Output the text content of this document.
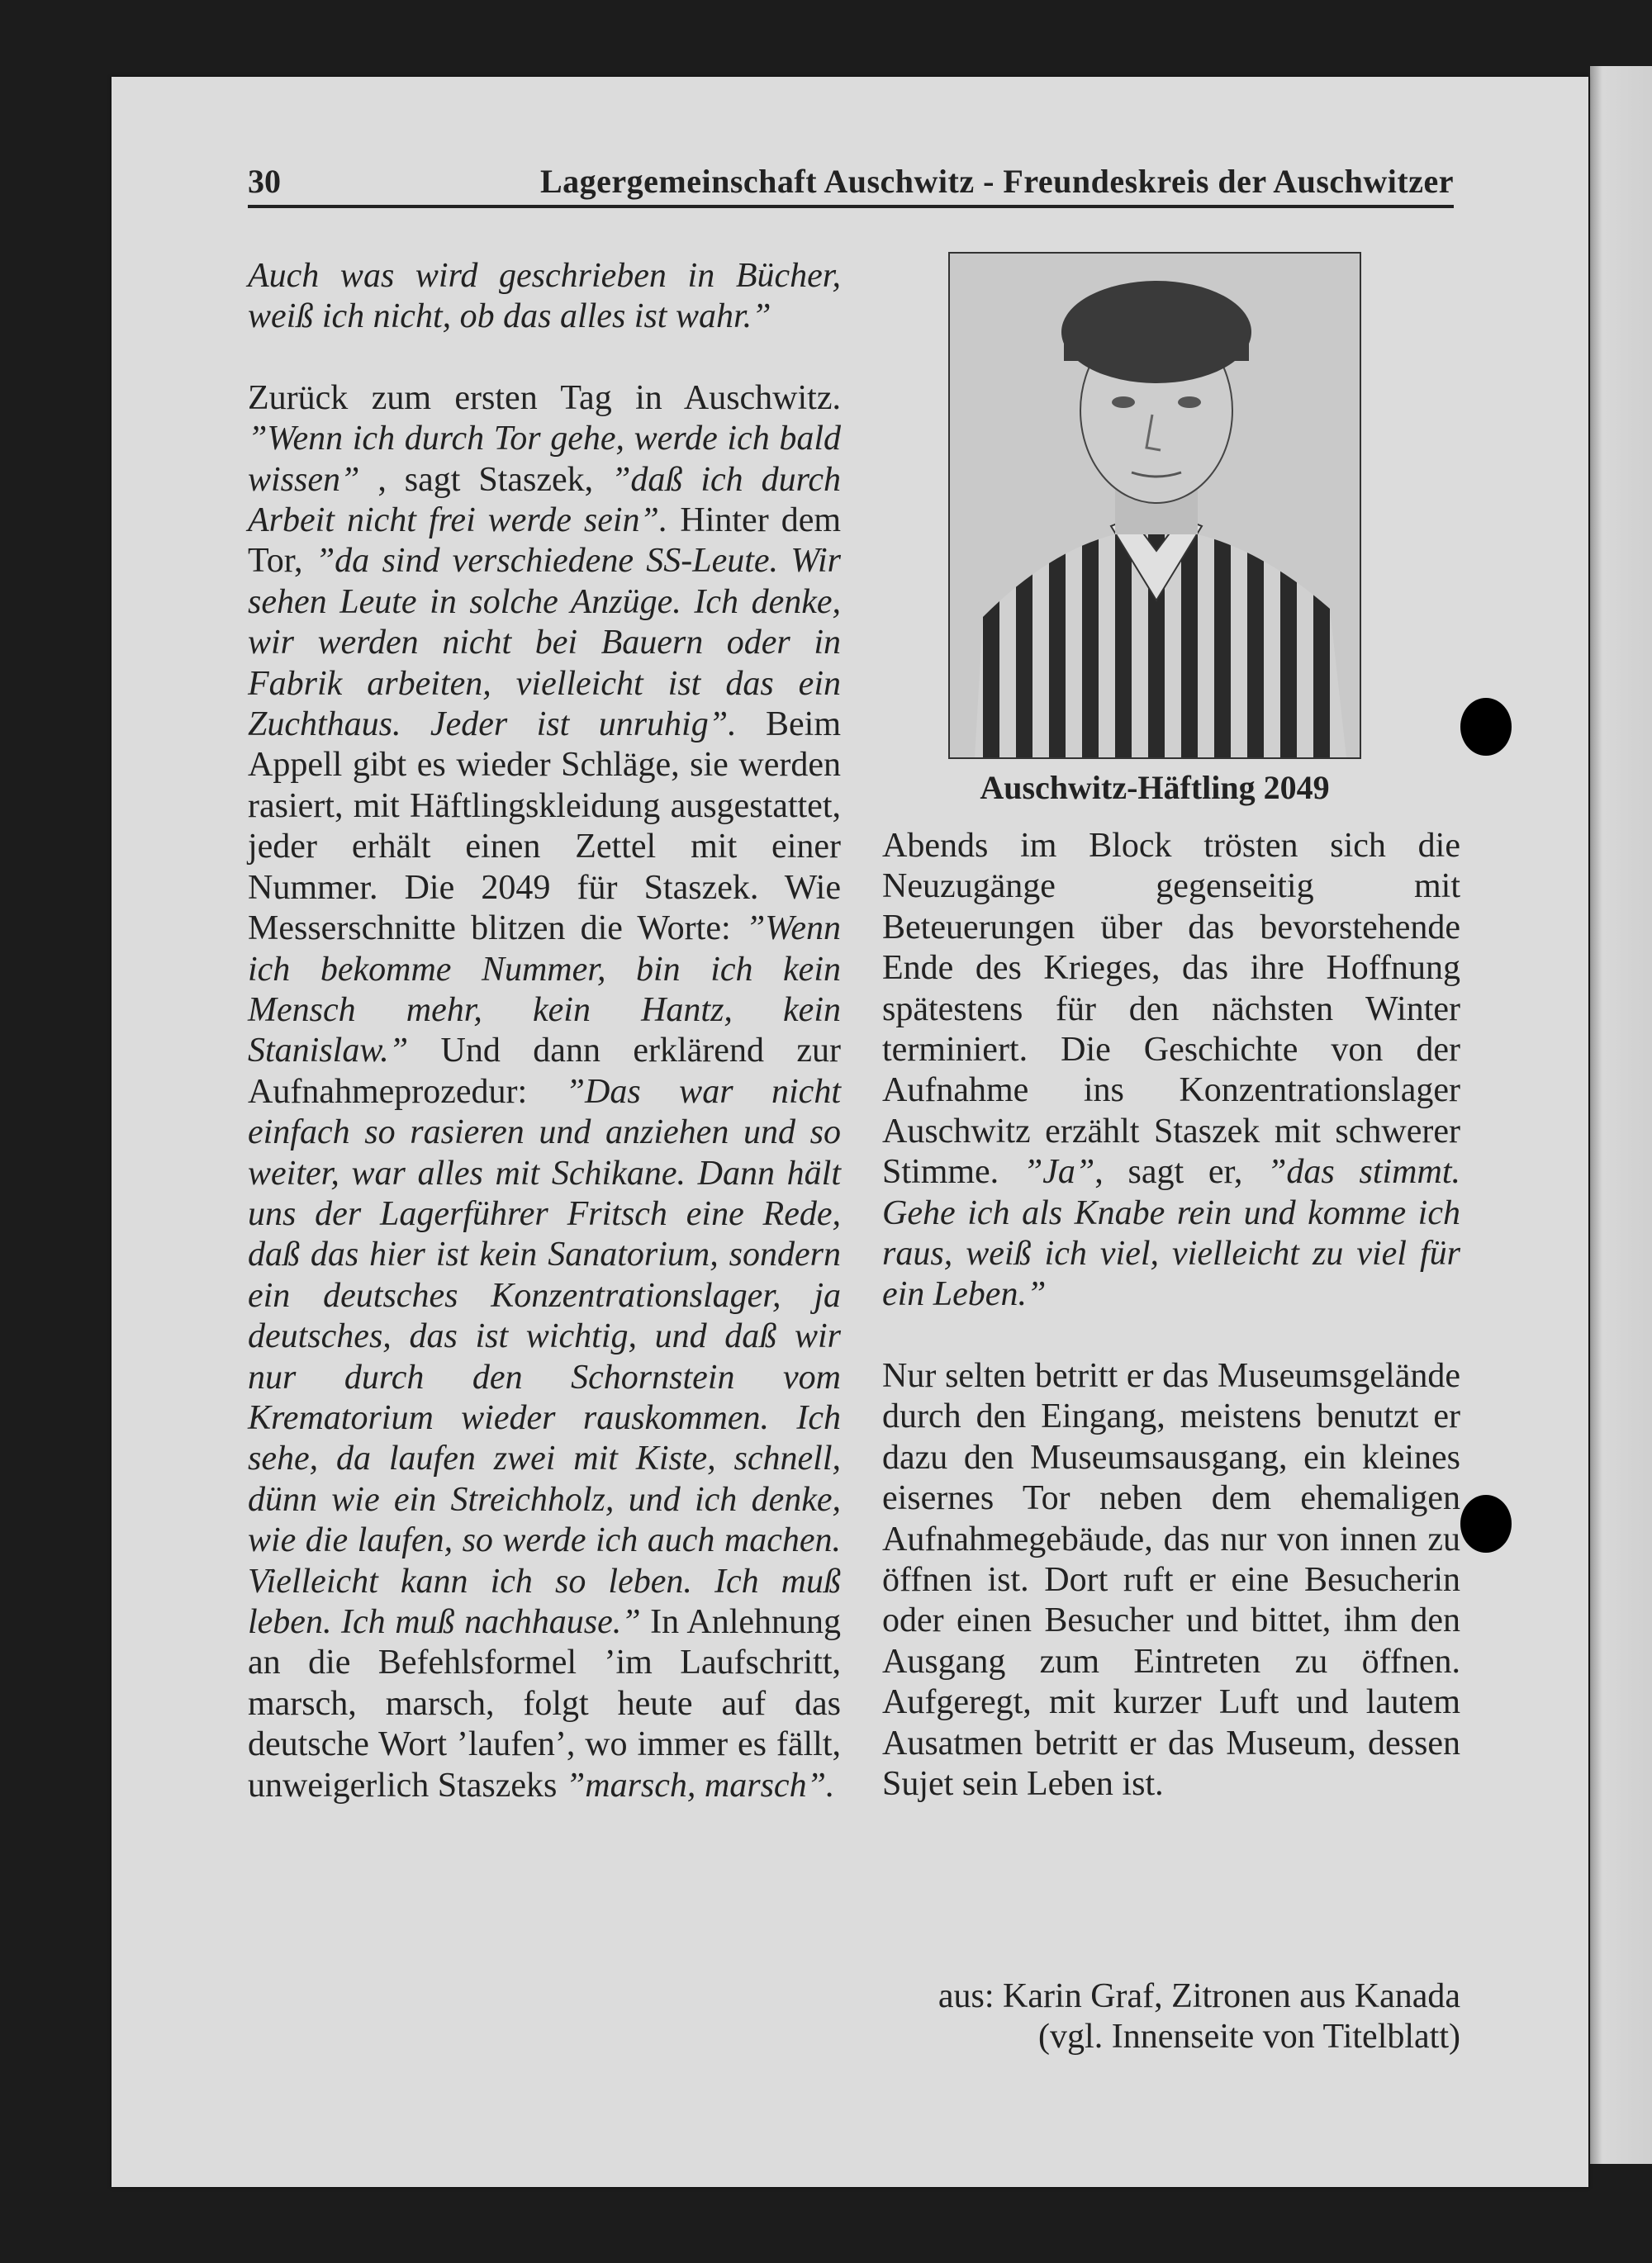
30	Lagergemeinschaft Auschwitz - Freundeskreis der Auschwitzer

Auch was wird geschrieben in Bücher, weiß ich nicht, ob das alles ist wahr.”

Zurück zum ersten Tag in Auschwitz. ”Wenn ich durch Tor gehe, werde ich bald wissen” , sagt Staszek, ”daß ich durch Arbeit nicht frei werde sein”. Hinter dem Tor, ”da sind verschiedene SS-Leute. Wir sehen Leute in solche Anzüge. Ich denke, wir werden nicht bei Bauern oder in Fabrik arbeiten, vielleicht ist das ein Zuchthaus. Jeder ist unruhig”. Beim Appell gibt es wieder Schläge, sie werden rasiert, mit Häftlingskleidung ausgestattet, jeder erhält einen Zettel mit einer Nummer. Die 2049 für Staszek. Wie Messerschnitte blitzen die Worte: ”Wenn ich bekomme Nummer, bin ich kein Mensch mehr, kein Hantz, kein Stanislaw.” Und dann erklärend zur Aufnahmeprozedur: ”Das war nicht einfach so rasieren und anziehen und so weiter, war alles mit Schikane. Dann hält uns der Lagerführer Fritsch eine Rede, daß das hier ist kein Sanatorium, sondern ein deutsches Konzentrationslager, ja deutsches, das ist wichtig, und daß wir nur durch den Schornstein vom Krematorium wieder rauskommen. Ich sehe, da laufen zwei mit Kiste, schnell, dünn wie ein Streichholz, und ich denke, wie die laufen, so werde ich auch machen. Vielleicht kann ich so leben. Ich muß leben. Ich muß nachhause.” In Anlehnung an die Befehlsformel ’im Laufschritt, marsch, marsch, folgt heute auf das deutsche Wort ’laufen’, wo immer es fällt, unweigerlich Staszeks ”marsch, marsch”.

Auschwitz-Häftling 2049

Abends im Block trösten sich die Neuzugänge gegenseitig mit Beteuerungen über das bevorstehende Ende des Krieges, das ihre Hoffnung spätestens für den nächsten Winter terminiert. Die Geschichte von der Aufnahme ins Konzentrationslager Auschwitz erzählt Staszek mit schwerer Stimme. ”Ja”, sagt er, ”das stimmt. Gehe ich als Knabe rein und komme ich raus, weiß ich viel, vielleicht zu viel für ein Leben.”

Nur selten betritt er das Museumsgelände durch den Eingang, meistens benutzt er dazu den Museumsausgang, ein kleines eisernes Tor neben dem ehemaligen Aufnahmegebäude, das nur von innen zu öffnen ist. Dort ruft er eine Besucherin oder einen Besucher und bittet, ihm den Ausgang zum Eintreten zu öffnen. Aufgeregt, mit kurzer Luft und lautem Ausatmen betritt er das Museum, dessen Sujet sein Leben ist.

aus: Karin Graf, Zitronen aus Kanada (vgl. Innenseite von Titelblatt)
